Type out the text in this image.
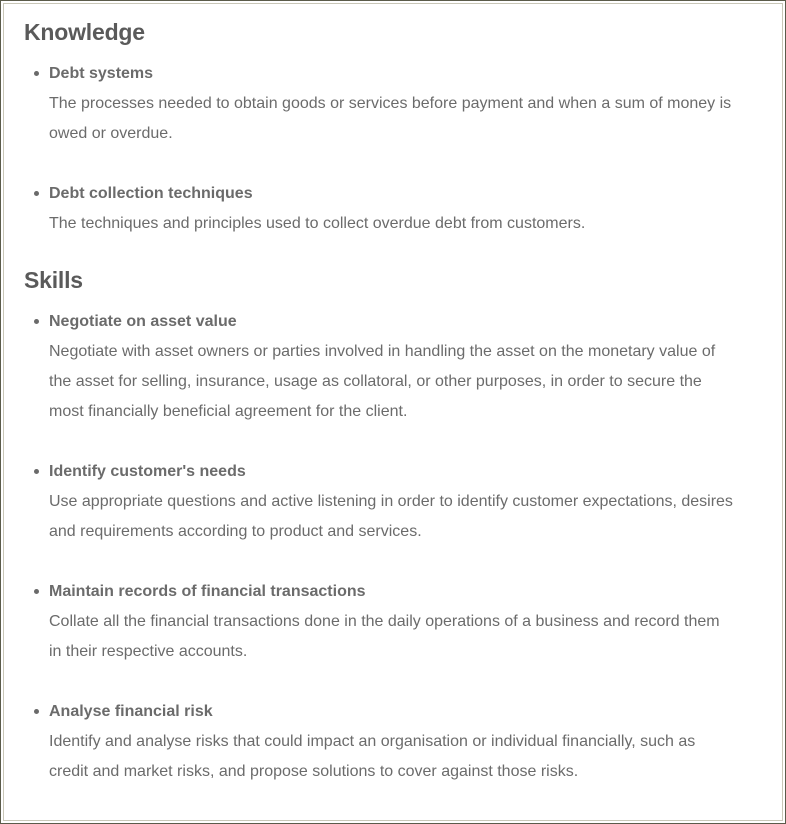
Knowledge
Debt systems
The processes needed to obtain goods or services before payment and when a sum of money is owed or overdue.
Debt collection techniques
The techniques and principles used to collect overdue debt from customers.
Skills
Negotiate on asset value
Negotiate with asset owners or parties involved in handling the asset on the monetary value of the asset for selling, insurance, usage as collatoral, or other purposes, in order to secure the most financially beneficial agreement for the client.
Identify customer's needs
Use appropriate questions and active listening in order to identify customer expectations, desires and requirements according to product and services.
Maintain records of financial transactions
Collate all the financial transactions done in the daily operations of a business and record them in their respective accounts.
Analyse financial risk
Identify and analyse risks that could impact an organisation or individual financially, such as credit and market risks, and propose solutions to cover against those risks.
